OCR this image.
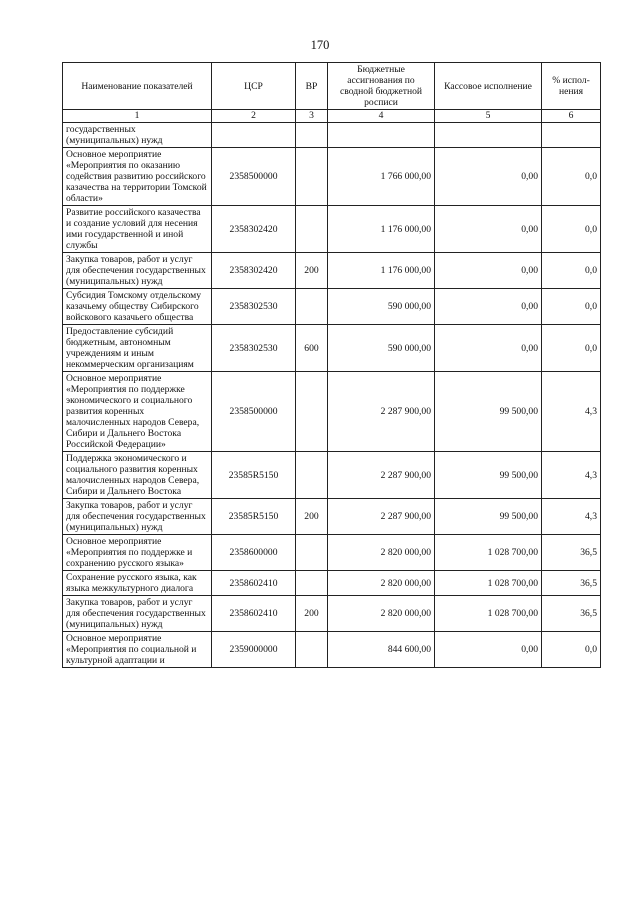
170
Наименование показателей	ЦСР	ВР	Бюджетные ассигнования по сводной бюджетной росписи	Кассовое исполнение	% испол-нения
1	2	3	4	5	6
государственных (муниципальных) нужд					
Основное мероприятие «Мероприятия по оказанию содействия развитию российского казачества на территории Томской области»	2358500000		1 766 000,00	0,00	0,0
Развитие российского казачества и создание условий для несения ими государственной и иной службы	2358302420		1 176 000,00	0,00	0,0
Закупка товаров, работ и услуг для обеспечения государственных (муниципальных) нужд	2358302420	200	1 176 000,00	0,00	0,0
Субсидия Томскому отдельскому казачьему обществу Сибирского войскового казачьего общества	2358302530		590 000,00	0,00	0,0
Предоставление субсидий бюджетным, автономным учреждениям и иным некоммерческим организациям	2358302530	600	590 000,00	0,00	0,0
Основное мероприятие «Мероприятия по поддержке экономического и социального развития коренных малочисленных народов Севера, Сибири и Дальнего Востока Российской Федерации»	2358500000		2 287 900,00	99 500,00	4,3
Поддержка экономического и социального развития коренных малочисленных народов Севера, Сибири и Дальнего Востока	23585R5150		2 287 900,00	99 500,00	4,3
Закупка товаров, работ и услуг для обеспечения государственных (муниципальных) нужд	23585R5150	200	2 287 900,00	99 500,00	4,3
Основное мероприятие «Мероприятия по поддержке и сохранению русского языка»	2358600000		2 820 000,00	1 028 700,00	36,5
Сохранение русского языка, как языка межкультурного диалога	2358602410		2 820 000,00	1 028 700,00	36,5
Закупка товаров, работ и услуг для обеспечения государственных (муниципальных) нужд	2358602410	200	2 820 000,00	1 028 700,00	36,5
Основное мероприятие «Мероприятия по социальной и культурной адаптации и	2359000000		844 600,00	0,00	0,0
